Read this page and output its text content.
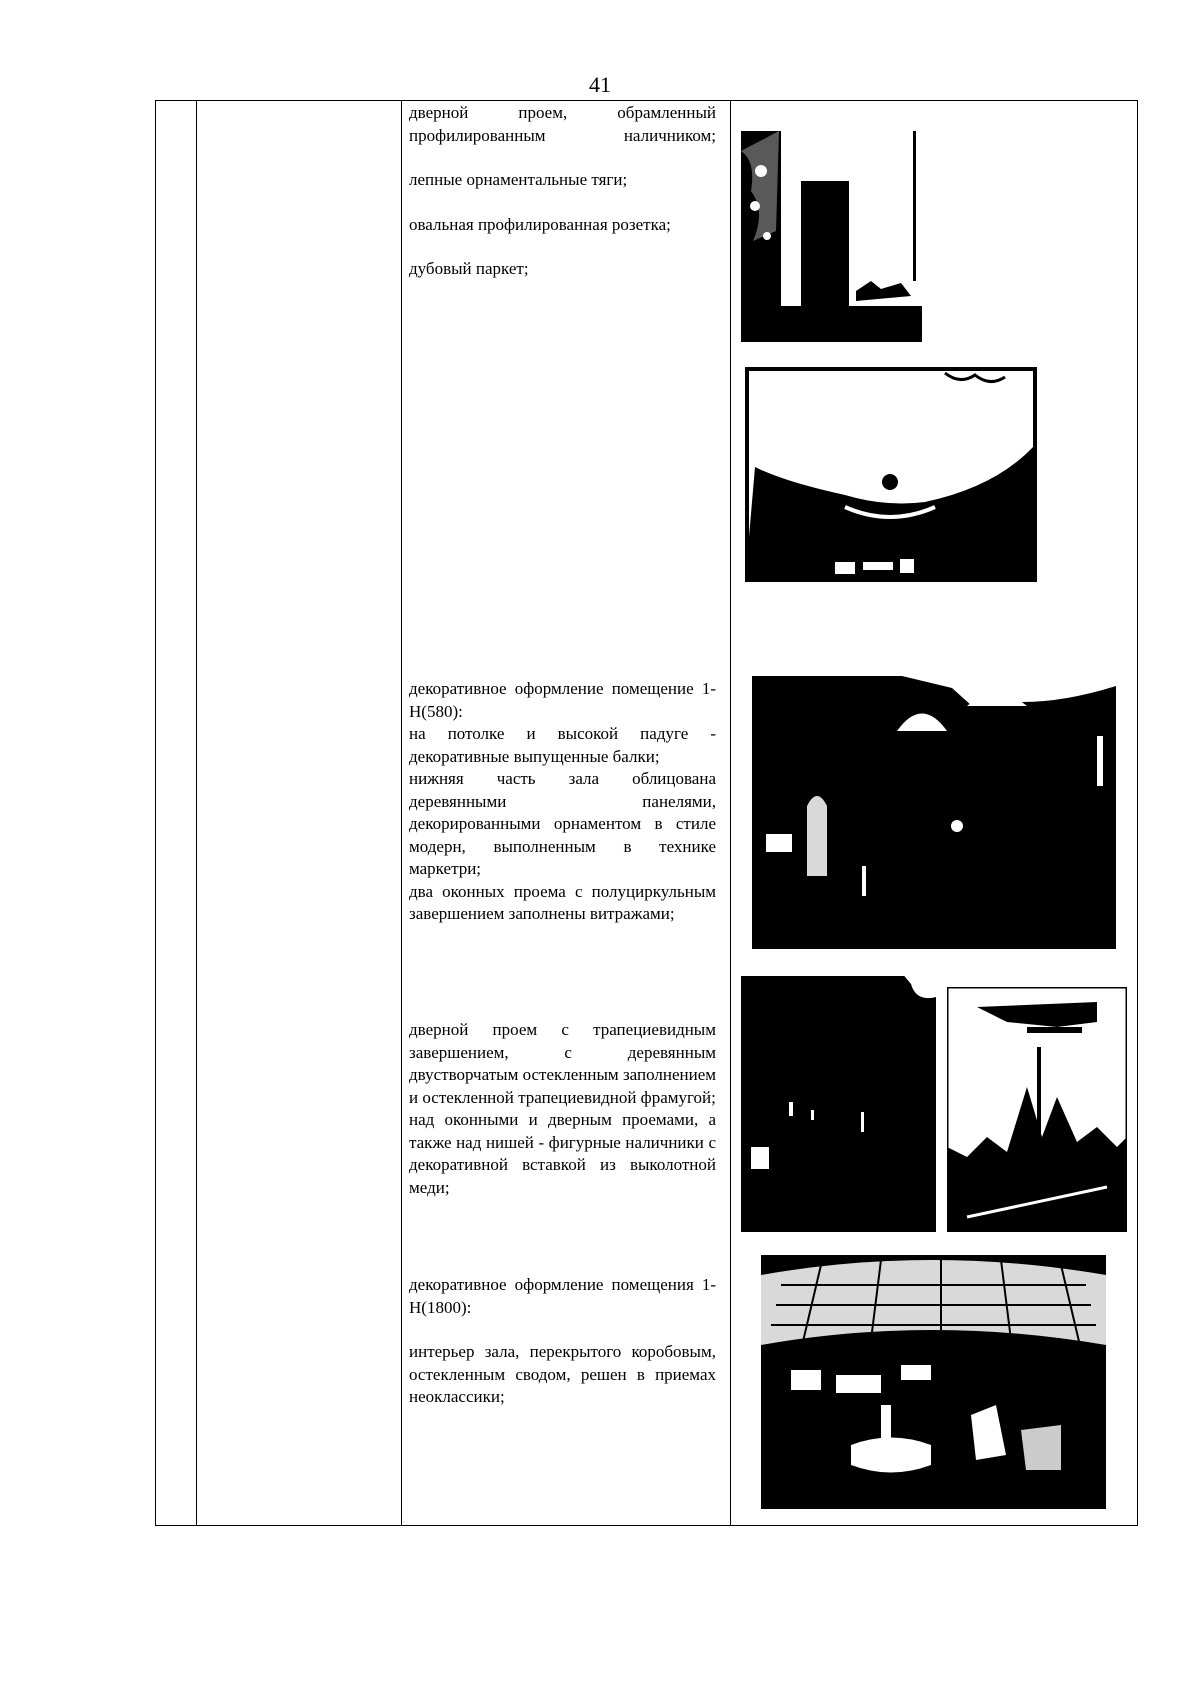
41

дверной проем, обрамленный профилированным наличником;

лепные орнаментальные тяги;

овальная профилированная розетка;

дубовый паркет;

декоративное оформление помещение 1-Н(580):

на потолке и высокой падуге - декоративные выпущенные балки;

нижняя часть зала облицована деревянными панелями, декорированными орнаментом в стиле модерн, выполненным в технике маркетри;

два оконных проема с полуциркульным завершением заполнены витражами;

дверной проем с трапециевидным завершением, с деревянным двустворчатым остекленным заполнением и остекленной трапециевидной фрамугой;

над оконными и дверным проемами, а также над нишей - фигурные наличники с декоративной вставкой из выколотной меди;

декоративное оформление помещения 1-Н(1800):

интерьер зала, перекрытого коробовым, остекленным сводом, решен в приемах неоклассики;
